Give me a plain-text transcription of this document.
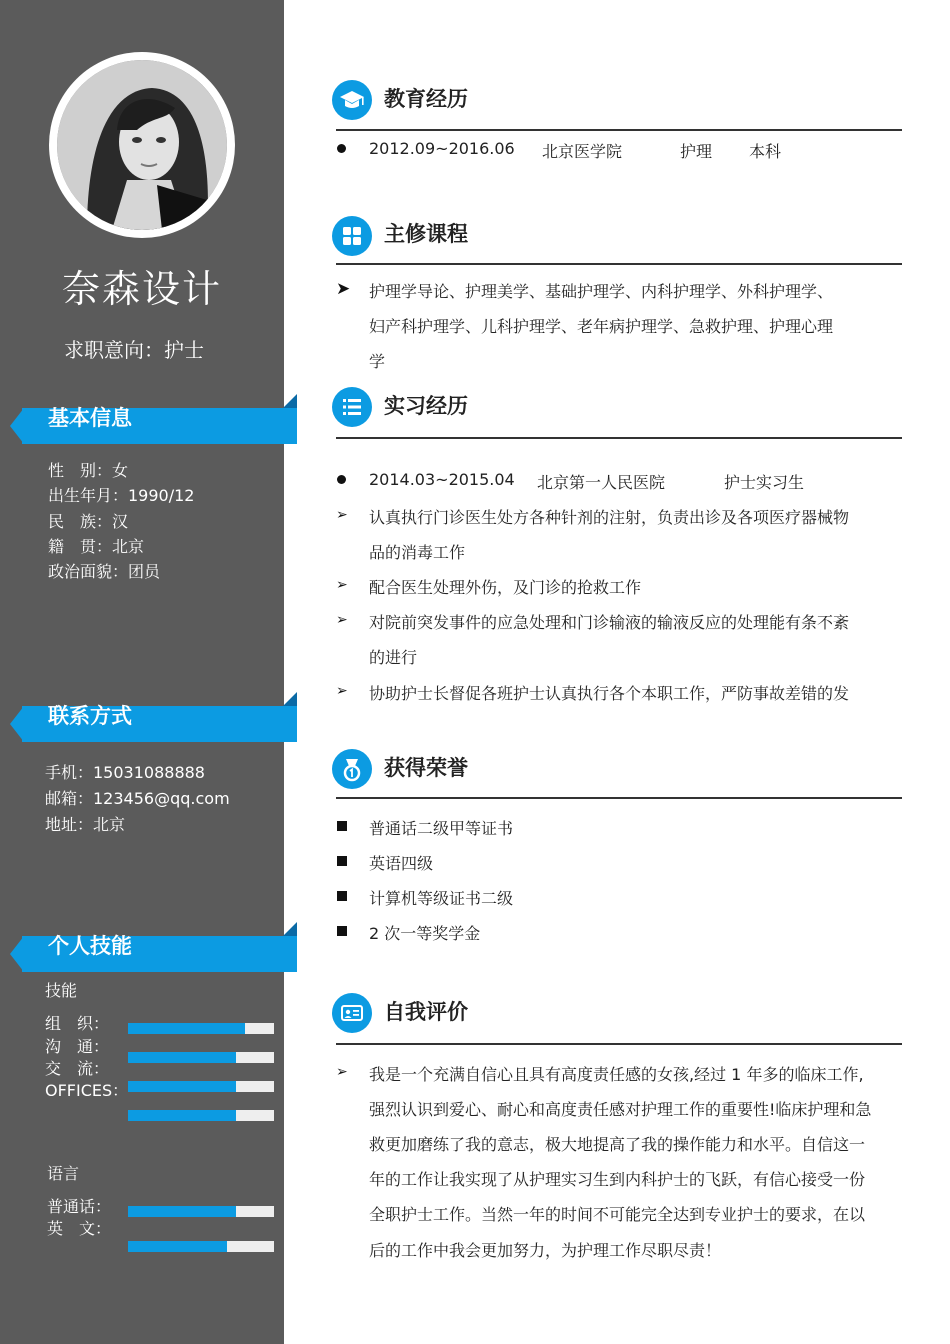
奈森设计
求职意向：护士
基本信息
性　别：女
出生年月：1990/12
民　族：汉
籍　贯：北京
政治面貌：团员
联系方式
手机：15031088888
邮箱：123456@qq.com
地址：北京
个人技能
技能
组　织：
沟　通：
交　流：
OFFICES：
语言
普通话：
英　文：
教育经历
2012.09~2016.06 北京医学院	护理 本科
主修课程
➤ 护理学导论、护理美学、基础护理学、内科护理学、外科护理学、
妇产科护理学、儿科护理学、老年病护理学、急救护理、护理心理
学
实习经历
2014.03~2015.04 北京第一人民医院	护士实习生
➢ 认真执行门诊医生处方各种针剂的注射，负责出诊及各项医疗器械物
品的消毒工作
➢ 配合医生处理外伤，及门诊的抢救工作
➢ 对院前突发事件的应急处理和门诊输液的输液反应的处理能有条不紊
的进行
➢ 协助护士长督促各班护士认真执行各个本职工作，严防事故差错的发
获得荣誉
普通话二级甲等证书
英语四级
计算机等级证书二级
2 次一等奖学金
自我评价
➢ 我是一个充满自信心且具有高度责任感的女孩,经过 1 年多的临床工作,
强烈认识到爱心、耐心和高度责任感对护理工作的重要性!临床护理和急
救更加磨练了我的意志，极大地提高了我的操作能力和水平。自信这一
年的工作让我实现了从护理实习生到内科护士的飞跃，有信心接受一份
全职护士工作。当然一年的时间不可能完全达到专业护士的要求，在以
后的工作中我会更加努力，为护理工作尽职尽责！
